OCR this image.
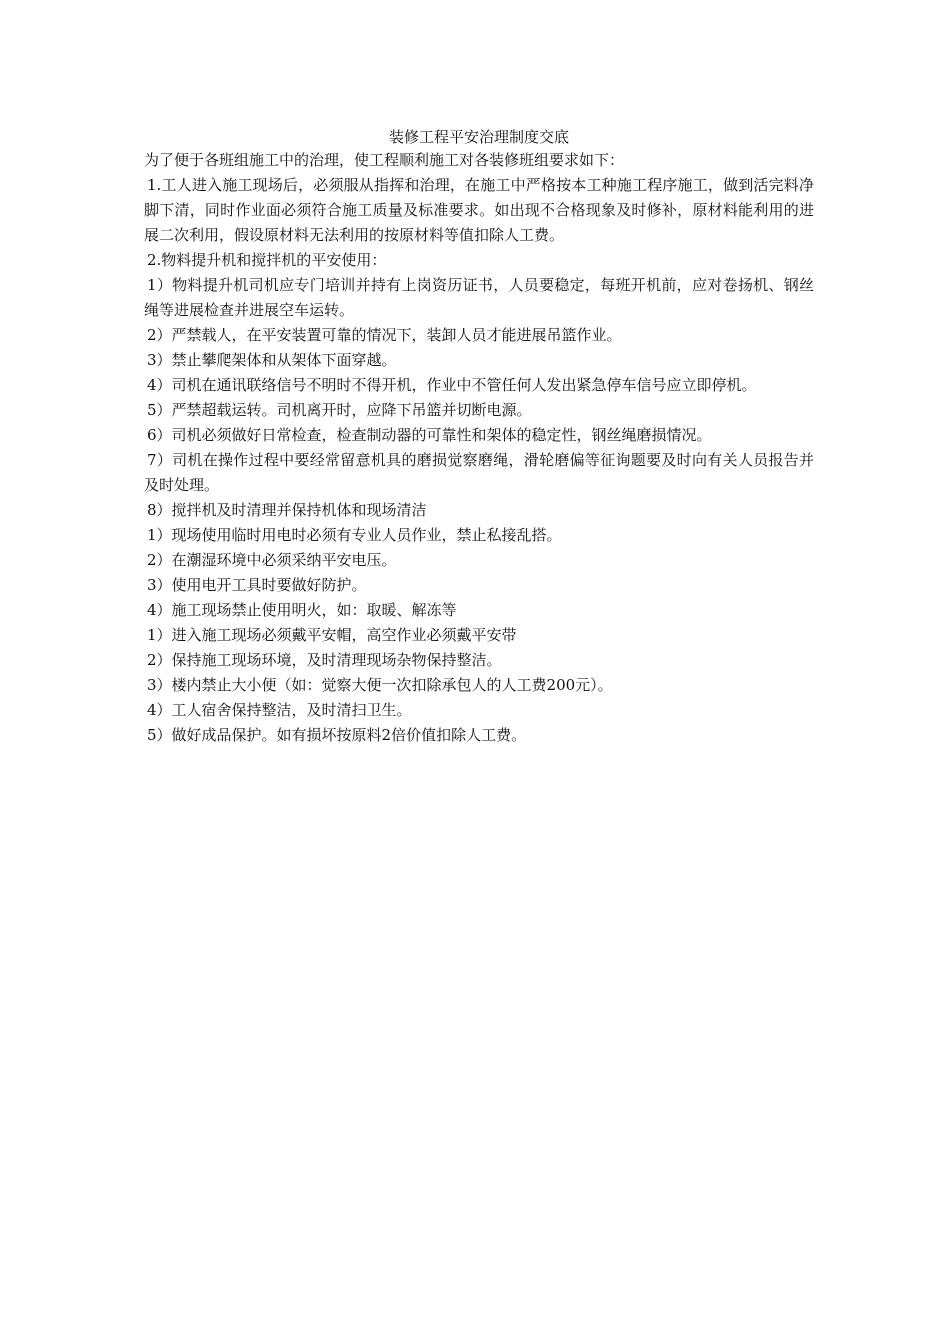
装修工程平安治理制度交底

为了便于各班组施工中的治理，使工程顺利施工对各装修班组要求如下：

1.工人进入施工现场后，必须服从指挥和治理，在施工中严格按本工种施工程序施工，做到活完料净脚下清，同时作业面必须符合施工质量及标准要求。如出现不合格现象及时修补，原材料能利用的进展二次利用，假设原材料无法利用的按原材料等值扣除人工费。

2.物料提升机和搅拌机的平安使用：

1）物料提升机司机应专门培训并持有上岗资历证书，人员要稳定，每班开机前，应对卷扬机、钢丝绳等进展检查并进展空车运转。

2）严禁载人，在平安装置可靠的情况下，装卸人员才能进展吊篮作业。

3）禁止攀爬架体和从架体下面穿越。

4）司机在通讯联络信号不明时不得开机，作业中不管任何人发出紧急停车信号应立即停机。

5）严禁超载运转。司机离开时，应降下吊篮并切断电源。

6）司机必须做好日常检查，检查制动器的可靠性和架体的稳定性，钢丝绳磨损情况。

7）司机在操作过程中要经常留意机具的磨损觉察磨绳，滑轮磨偏等征询题要及时向有关人员报告并及时处理。

8）搅拌机及时清理并保持机体和现场清洁

1）现场使用临时用电时必须有专业人员作业，禁止私接乱搭。

2）在潮湿环境中必须采纳平安电压。

3）使用电开工具时要做好防护。

4）施工现场禁止使用明火，如：取暖、解冻等

1）进入施工现场必须戴平安帽，高空作业必须戴平安带

2）保持施工现场环境，及时清理现场杂物保持整洁。

3）楼内禁止大小便（如：觉察大便一次扣除承包人的人工费200元）。

4）工人宿舍保持整洁，及时清扫卫生。

5）做好成品保护。如有损坏按原料2倍价值扣除人工费。
